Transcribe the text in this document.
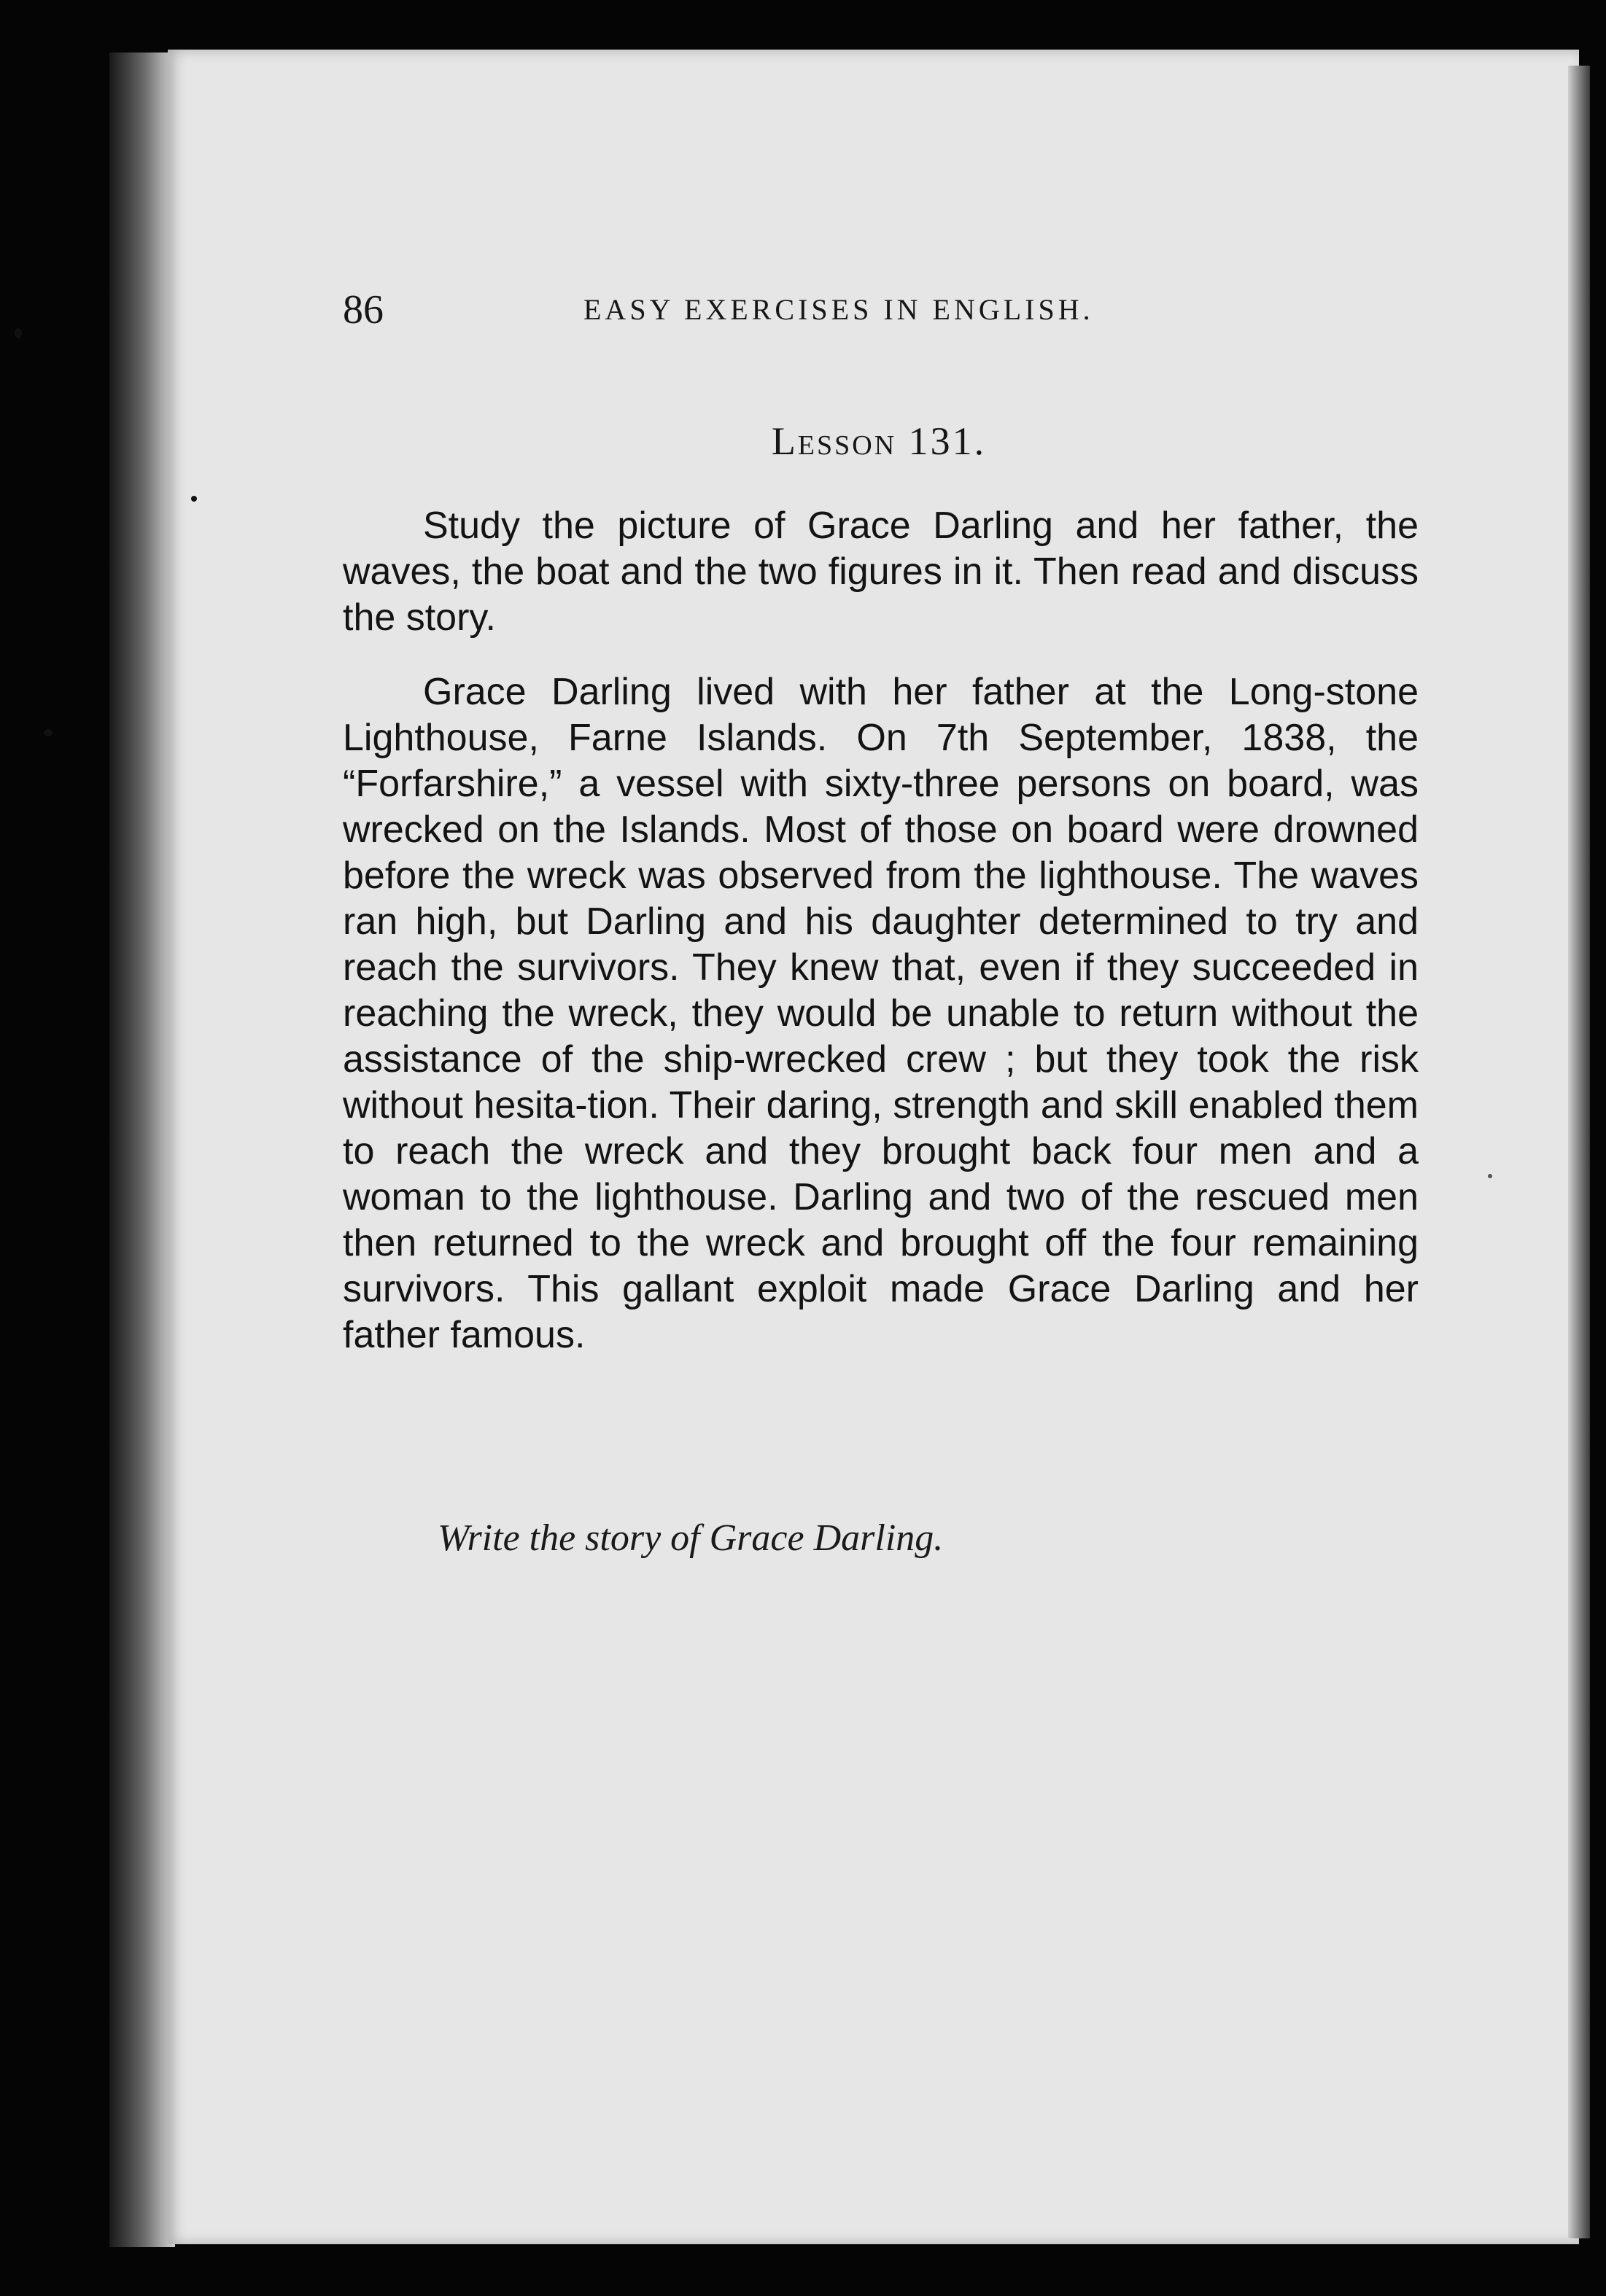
86	EASY EXERCISES IN ENGLISH.
Lesson 131.

Study the picture of Grace Darling and her father, the waves, the boat and the two figures in it. Then read and discuss the story.

Grace Darling lived with her father at the Long-stone Lighthouse, Farne Islands. On 7th September, 1838, the “Forfarshire,” a vessel with sixty-three persons on board, was wrecked on the Islands. Most of those on board were drowned before the wreck was observed from the lighthouse. The waves ran high, but Darling and his daughter determined to try and reach the survivors. They knew that, even if they succeeded in reaching the wreck, they would be unable to return without the assistance of the ship-wrecked crew ; but they took the risk without hesita-tion. Their daring, strength and skill enabled them to reach the wreck and they brought back four men and a woman to the lighthouse. Darling and two of the rescued men then returned to the wreck and brought off the four remaining survivors. This gallant exploit made Grace Darling and her father famous.

Write the story of Grace Darling.
